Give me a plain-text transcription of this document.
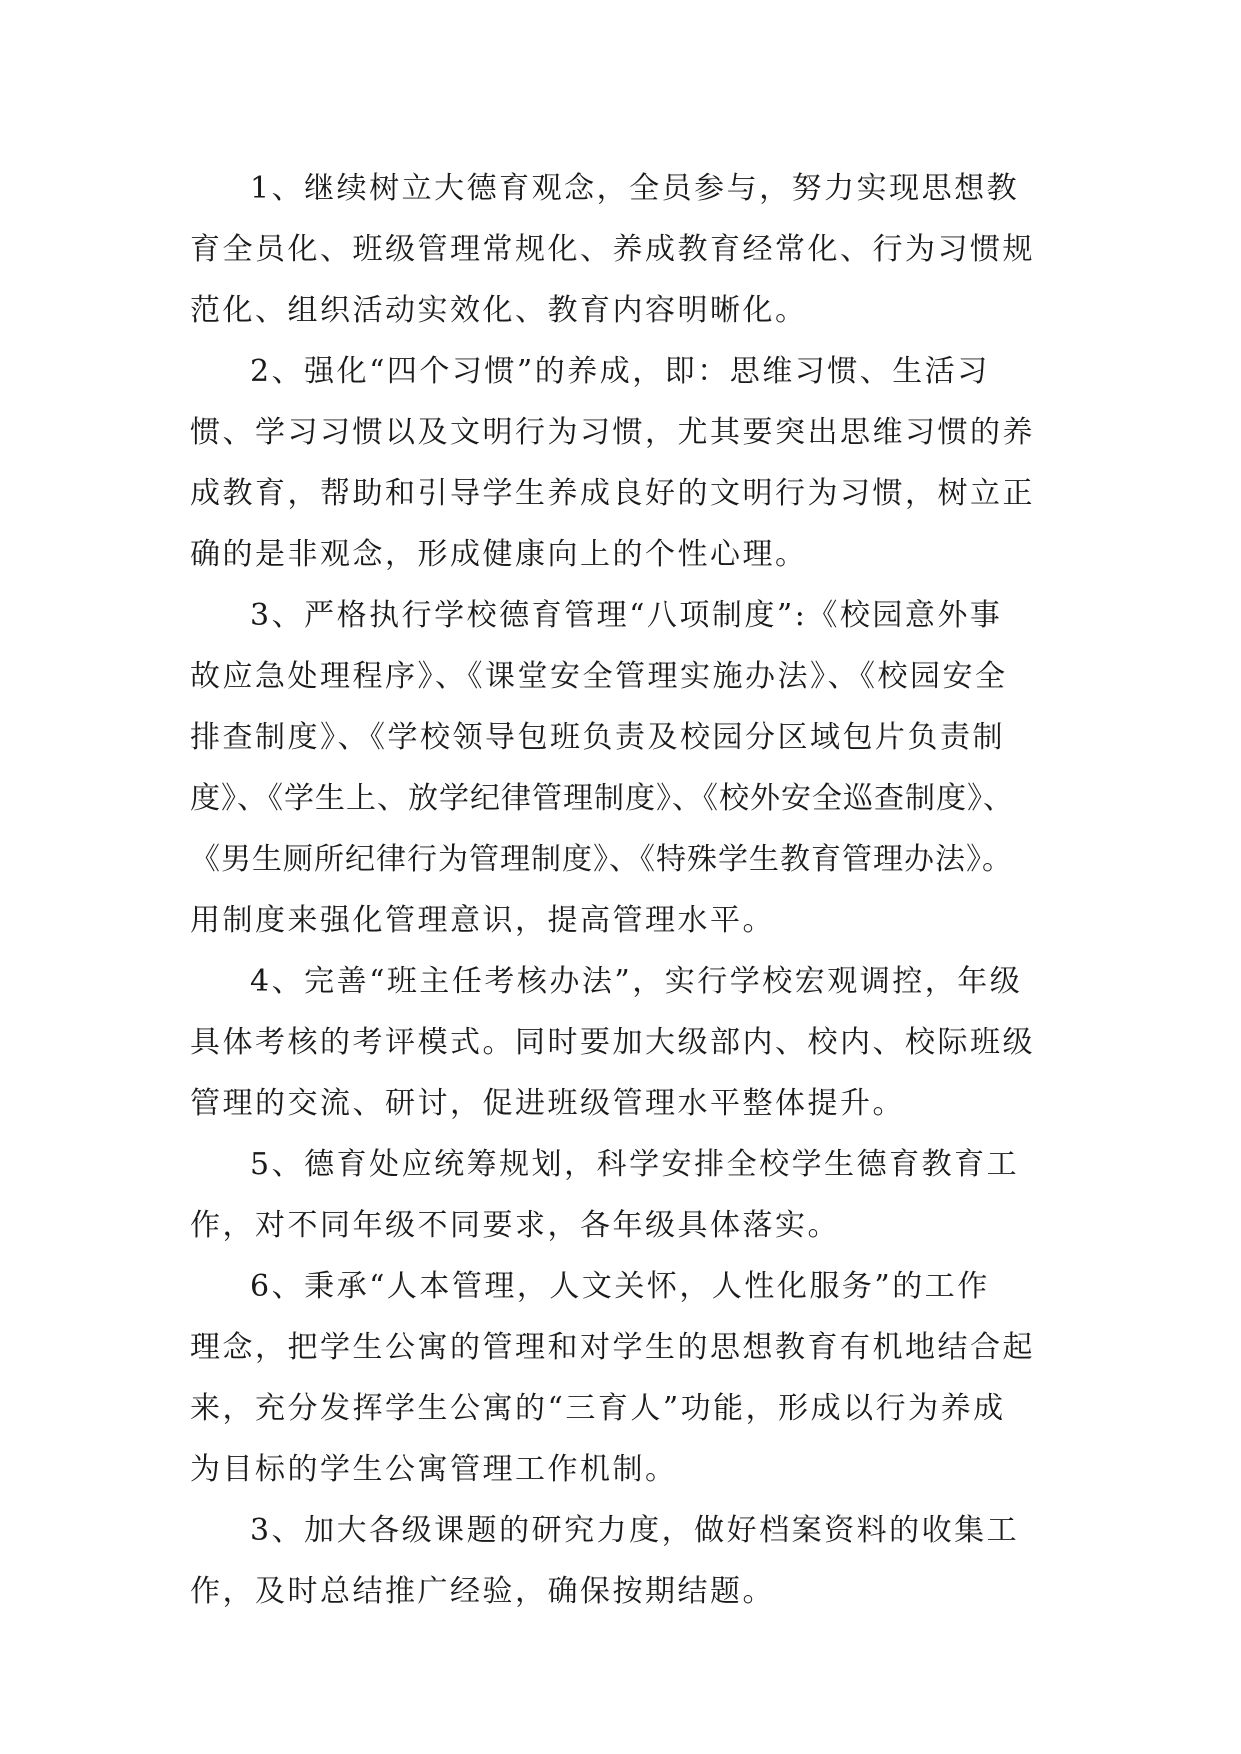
1、继续树立大德育观念，全员参与，努力实现思想教
育全员化、班级管理常规化、养成教育经常化、行为习惯规
范化、组织活动实效化、教育内容明晰化。
2、强化“四个习惯”的养成，即：思维习惯、生活习
惯、学习习惯以及文明行为习惯，尤其要突出思维习惯的养
成教育，帮助和引导学生养成良好的文明行为习惯，树立正
确的是非观念，形成健康向上的个性心理。
3、严格执行学校德育管理“八项制度”:《校园意外事
故应急处理程序》、《课堂安全管理实施办法》、《校园安全
排查制度》、《学校领导包班负责及校园分区域包片负责制
度》、《学生上、放学纪律管理制度》、《校外安全巡查制度》、
《男生厕所纪律行为管理制度》、《特殊学生教育管理办法》。
用制度来强化管理意识，提高管理水平。
4、完善“班主任考核办法”，实行学校宏观调控，年级
具体考核的考评模式。同时要加大级部内、校内、校际班级
管理的交流、研讨，促进班级管理水平整体提升。
5、德育处应统筹规划，科学安排全校学生德育教育工
作，对不同年级不同要求，各年级具体落实。
6、秉承“人本管理，人文关怀，人性化服务”的工作
理念，把学生公寓的管理和对学生的思想教育有机地结合起
来，充分发挥学生公寓的“三育人”功能，形成以行为养成
为目标的学生公寓管理工作机制。
3、加大各级课题的研究力度，做好档案资料的收集工
作，及时总结推广经验，确保按期结题。
